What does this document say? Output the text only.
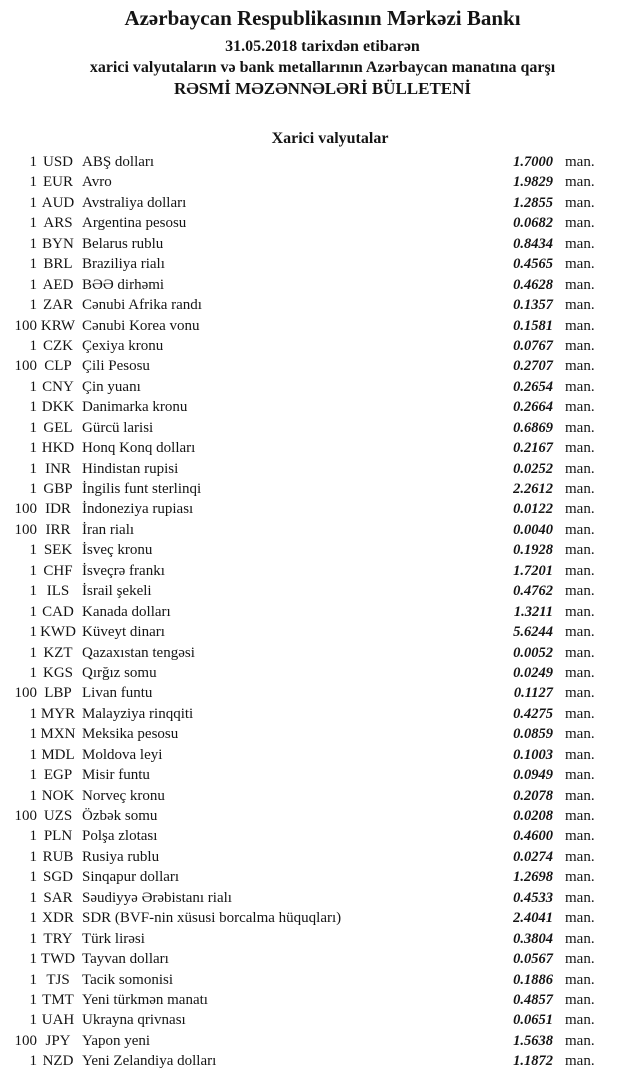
Azərbaycan Respublikasının Mərkəzi Bankı
31.05.2018 tarixdən etibarən
xarici valyutaların və bank metallarının Azərbaycan manatına qarşı
RƏSMİ MƏZƏNNƏLƏRİ BÜLLETENİ
Xarici valyutalar
1 USD ABŞ dolları	1.7000 man.
1 EUR Avro	1.9829 man.
1 AUD Avstraliya dolları	1.2855 man.
1 ARS Argentina pesosu	0.0682 man.
1 BYN Belarus rublu	0.8434 man.
1 BRL Braziliya rialı	0.4565 man.
1 AED BƏƏ dirhəmi	0.4628 man.
1 ZAR Cənubi Afrika randı	0.1357 man.
100 KRW Cənubi Korea vonu	0.1581 man.
1 CZK Çexiya kronu	0.0767 man.
100 CLP Çili Pesosu	0.2707 man.
1 CNY Çin yuanı	0.2654 man.
1 DKK Danimarka kronu	0.2664 man.
1 GEL Gürcü larisi	0.6869 man.
1 HKD Honq Konq dolları	0.2167 man.
1 INR Hindistan rupisi	0.0252 man.
1 GBP İngilis funt sterlinqi	2.2612 man.
100 IDR İndoneziya rupiası	0.0122 man.
100 IRR İran rialı	0.0040 man.
1 SEK İsveç kronu	0.1928 man.
1 CHF İsveçrə frankı	1.7201 man.
1 ILS İsrail şekeli	0.4762 man.
1 CAD Kanada dolları	1.3211 man.
1 KWD Küveyt dinarı	5.6244 man.
1 KZT Qazaxıstan tengəsi	0.0052 man.
1 KGS Qırğız somu	0.0249 man.
100 LBP Livan funtu	0.1127 man.
1 MYR Malayziya rinqqiti	0.4275 man.
1 MXN Meksika pesosu	0.0859 man.
1 MDL Moldova leyi	0.1003 man.
1 EGP Misir funtu	0.0949 man.
1 NOK Norveç kronu	0.2078 man.
100 UZS Özbək somu	0.0208 man.
1 PLN Polşa zlotası	0.4600 man.
1 RUB Rusiya rublu	0.0274 man.
1 SGD Sinqapur dolları	1.2698 man.
1 SAR Səudiyyə Ərəbistanı rialı	0.4533 man.
1 XDR SDR (BVF-nin xüsusi borcalma hüquqları)	2.4041 man.
1 TRY Türk lirəsi	0.3804 man.
1 TWD Tayvan dolları	0.0567 man.
1 TJS Tacik somonisi	0.1886 man.
1 TMT Yeni türkmən manatı	0.4857 man.
1 UAH Ukrayna qrivnası	0.0651 man.
100 JPY Yapon yeni	1.5638 man.
1 NZD Yeni Zelandiya dolları	1.1872 man.
